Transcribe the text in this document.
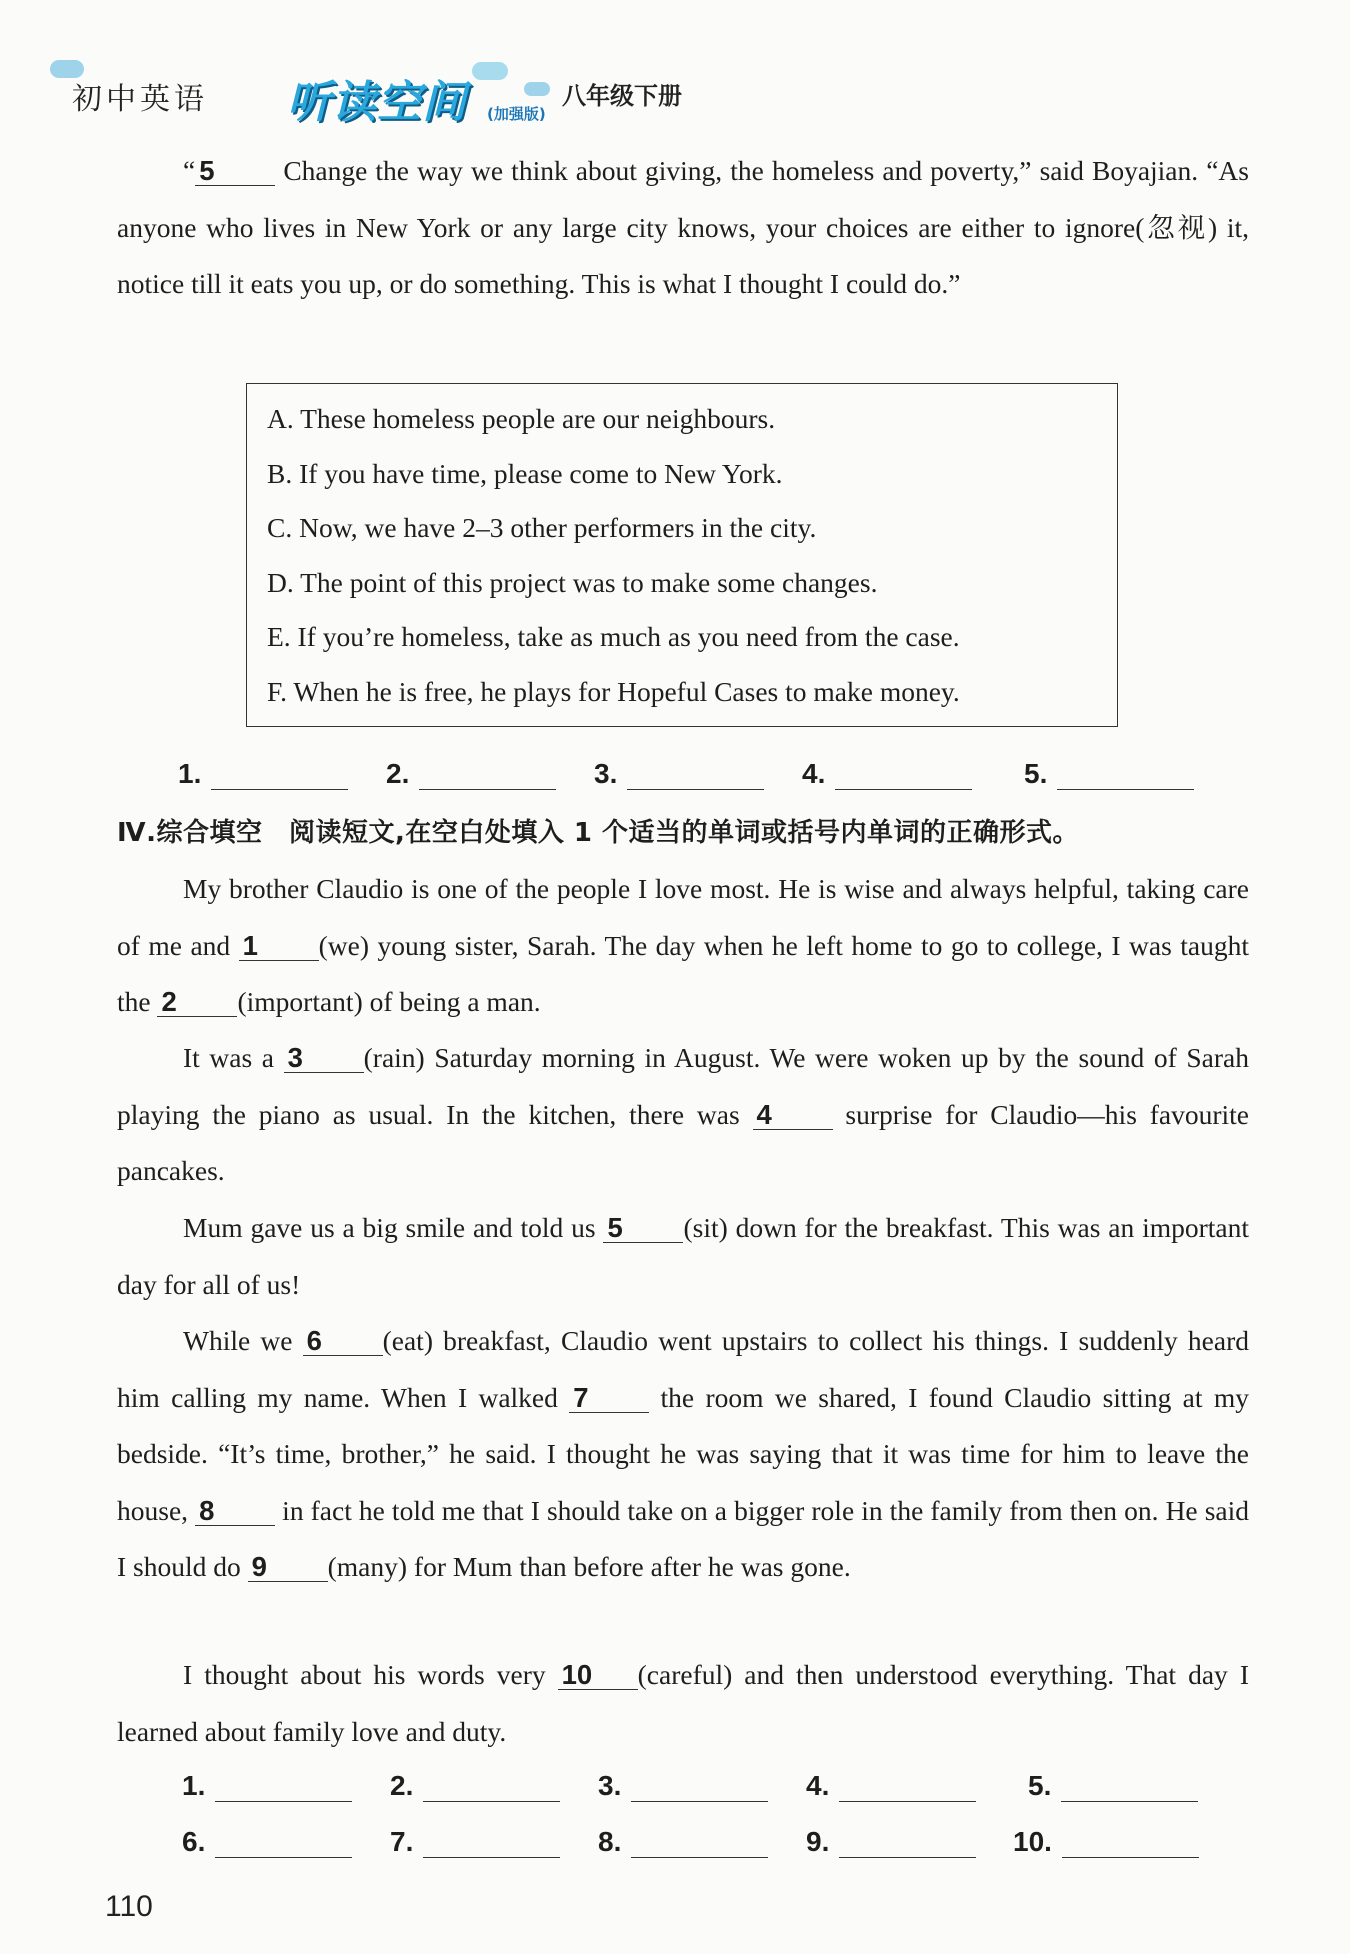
初中英语 听读空间 (加强版)
八年级下册

“ 5 Change the way we think about giving, the homeless and poverty,” said Boyajian. “As anyone who lives in New York or any large city knows, your choices are either to ignore(忽视) it, notice till it eats you up, or do something. This is what I thought I could do.”

A. These homeless people are our neighbours.

B. If you have time, please come to New York.

C. Now, we have 2–3 other performers in the city.

D. The point of this project was to make some changes.

E. If you’re homeless, take as much as you need from the case.

F. When he is free, he plays for Hopeful Cases to make money.

1.	2.	3.	4.	5.
Ⅳ.综合填空　阅读短文,在空白处填入 1 个适当的单词或括号内单词的正确形式。

My brother Claudio is one of the people I love most. He is wise and always helpful, taking care of me and 1 (we) young sister, Sarah. The day when he left home to go to college, I was taught the 2 (important) of being a man.

It was a 3 (rain) Saturday morning in August. We were woken up by the sound of Sarah playing the piano as usual. In the kitchen, there was 4 surprise for Claudio—his favourite pancakes.

Mum gave us a big smile and told us 5 (sit) down for the breakfast. This was an important day for all of us!

While we 6 (eat) breakfast, Claudio went upstairs to collect his things. I suddenly heard him calling my name. When I walked 7 the room we shared, I found Claudio sitting at my bedside. “It’s time, brother,” he said. I thought he was saying that it was time for him to leave the house, 8 in fact he told me that I should take on a bigger role in the family from then on. He said I should do 9 (many) for Mum than before after he was gone.

I thought about his words very 10 (careful) and then understood everything. That day I learned about family love and duty.

1.	2.	3.	4.	5.
6.	7.	8.	9.	10.
110
